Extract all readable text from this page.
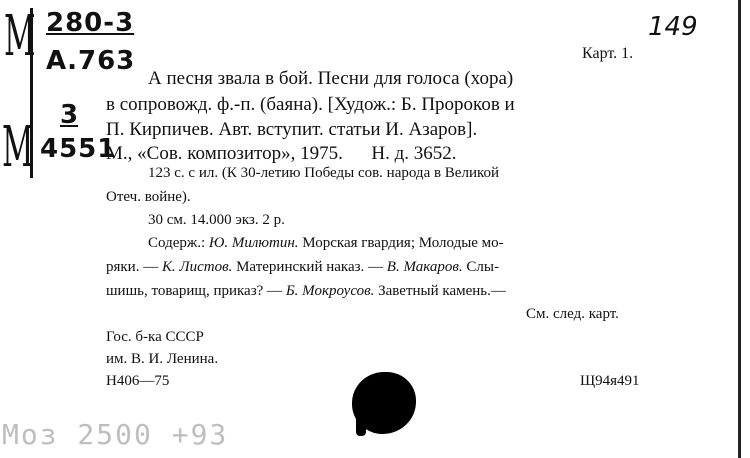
М 280-3
А.763
М 3
4551
149
Карт. 1.
А песня звала в бой. Песни для голоса (хора)
в сопровожд. ф.-п. (баяна). [Худож.: Б. Пророков и
П. Кирпичев. Авт. вступит. статьи И. Азаров].
М., «Сов. композитор», 1975.      Н. д. 3652.
123 с. с ил. (К 30-летию Победы сов. народа в Великой
Отеч. войне).
30 см. 14.000 экз. 2 р.
Содерж.: Ю. Милютин. Морская гвардия; Молодые мо-
ряки. — К. Листов. Материнский наказ. — В. Макаров. Слы-
шишь, товарищ, приказ? — Б. Мокроусов. Заветный камень.—
См. след. карт.
Гос. б-ка СССР
им. В. И. Ленина.
Н406—75	Щ94я491
Моз 2500 +93
